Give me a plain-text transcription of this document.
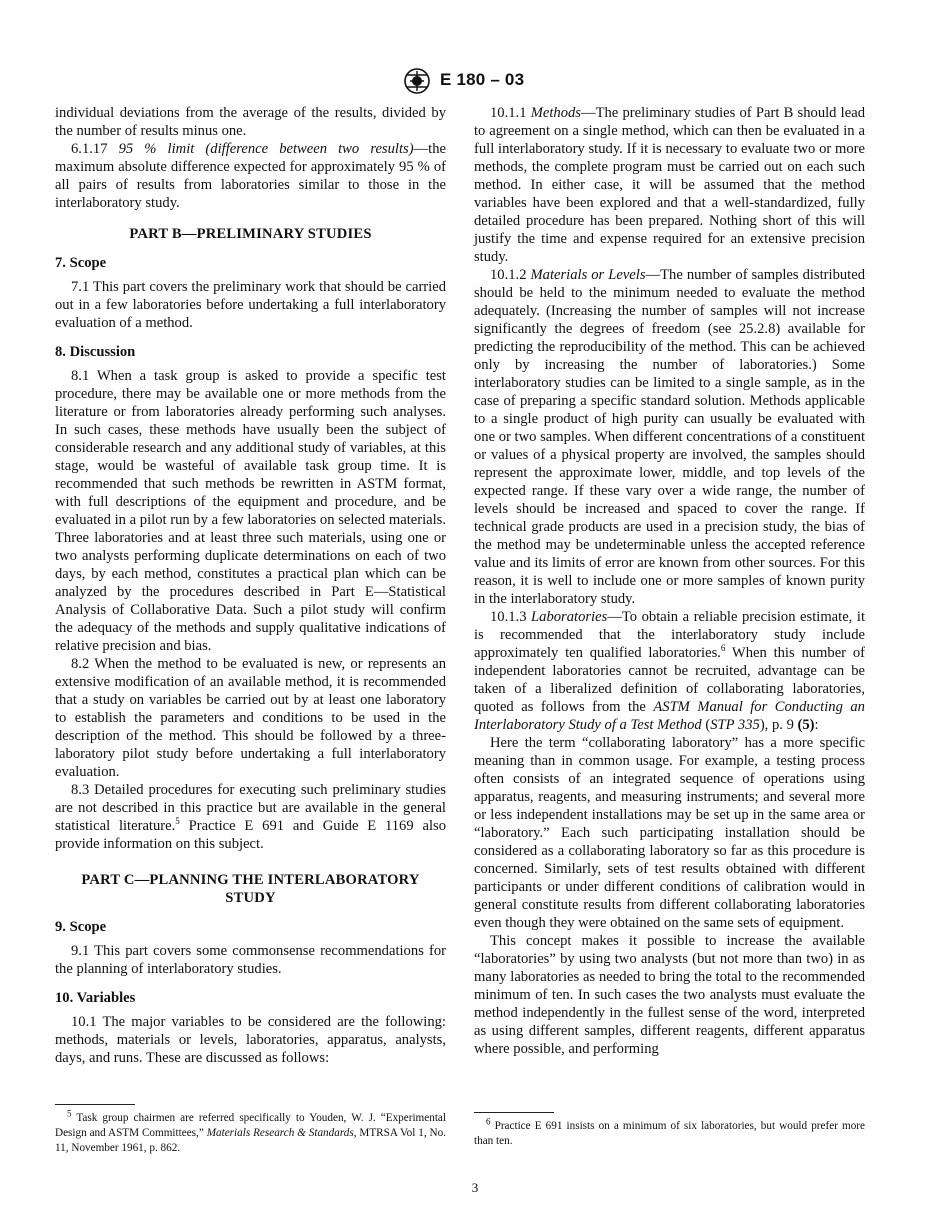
E 180 – 03

individual deviations from the average of the results, divided by the number of results minus one.

6.1.17 95 % limit (difference between two results)—the maximum absolute difference expected for approximately 95 % of all pairs of results from laboratories similar to those in the interlaboratory study.

PART B—PRELIMINARY STUDIES

7. Scope

7.1 This part covers the preliminary work that should be carried out in a few laboratories before undertaking a full interlaboratory evaluation of a method.

8. Discussion

8.1 When a task group is asked to provide a specific test procedure, there may be available one or more methods from the literature or from laboratories already performing such analyses. In such cases, these methods have usually been the subject of considerable research and any additional study of variables, at this stage, would be wasteful of available task group time. It is recommended that such methods be rewritten in ASTM format, with full descriptions of the equipment and procedure, and be evaluated in a pilot run by a few laboratories on selected materials. Three laboratories and at least three such materials, using one or two analysts performing duplicate determinations on each of two days, by each method, constitutes a practical plan which can be analyzed by the procedures described in Part E—Statistical Analysis of Collaborative Data. Such a pilot study will confirm the adequacy of the methods and supply qualitative indications of relative precision and bias.

8.2 When the method to be evaluated is new, or represents an extensive modification of an available method, it is recommended that a study on variables be carried out by at least one laboratory to establish the parameters and conditions to be used in the description of the method. This should be followed by a three-laboratory pilot study before undertaking a full interlaboratory evaluation.

8.3 Detailed procedures for executing such preliminary studies are not described in this practice but are available in the general statistical literature.$^5$ Practice E 691 and Guide E 1169 also provide information on this subject.

PART C—PLANNING THE INTERLABORATORY STUDY

9. Scope

9.1 This part covers some commonsense recommendations for the planning of interlaboratory studies.

10. Variables

10.1 The major variables to be considered are the following: methods, materials or levels, laboratories, apparatus, analysts, days, and runs. These are discussed as follows:

10.1.1 Methods—The preliminary studies of Part B should lead to agreement on a single method, which can then be evaluated in a full interlaboratory study. If it is necessary to evaluate two or more methods, the complete program must be carried out on each such method. In either case, it will be assumed that the method variables have been explored and that a well-standardized, fully detailed procedure has been prepared. Nothing short of this will justify the time and expense required for an extensive precision study.

10.1.2 Materials or Levels—The number of samples distributed should be held to the minimum needed to evaluate the method adequately. (Increasing the number of samples will not increase significantly the degrees of freedom (see 25.2.8) available for predicting the reproducibility of the method. This can be achieved only by increasing the number of laboratories.) Some interlaboratory studies can be limited to a single sample, as in the case of preparing a specific standard solution. Methods applicable to a single product of high purity can usually be evaluated with one or two samples. When different concentrations of a constituent or values of a physical property are involved, the samples should represent the approximate lower, middle, and top levels of the expected range. If these vary over a wide range, the number of levels should be increased and spaced to cover the range. If technical grade products are used in a precision study, the bias of the method may be undeterminable unless the accepted reference value and its limits of error are known from other sources. For this reason, it is well to include one or more samples of known purity in the interlaboratory study.

10.1.3 Laboratories—To obtain a reliable precision estimate, it is recommended that the interlaboratory study include approximately ten qualified laboratories.$^6$ When this number of independent laboratories cannot be recruited, advantage can be taken of a liberalized definition of collaborating laboratories, quoted as follows from the ASTM Manual for Conducting an Interlaboratory Study of a Test Method (STP 335), p. 9 (5):

Here the term “collaborating laboratory” has a more specific meaning than in common usage. For example, a testing process often consists of an integrated sequence of operations using apparatus, reagents, and measuring instruments; and several more or less independent installations may be set up in the same area or “laboratory.” Each such participating installation should be considered as a collaborating laboratory so far as this procedure is concerned. Similarly, sets of test results obtained with different participants or under different conditions of calibration would in general constitute results from different collaborating laboratories even though they were obtained on the same sets of equipment.

This concept makes it possible to increase the available “laboratories” by using two analysts (but not more than two) in as many laboratories as needed to bring the total to the recommended minimum of ten. In such cases the two analysts must evaluate the method independently in the fullest sense of the word, interpreted as using different samples, different reagents, different apparatus where possible, and performing

$^5$ Task group chairmen are referred specifically to Youden, W. J. “Experimental Design and ASTM Committees,” Materials Research & Standards, MTRSA Vol 1, No. 11, November 1961, p. 862.

$^6$ Practice E 691 insists on a minimum of six laboratories, but would prefer more than ten.

3
